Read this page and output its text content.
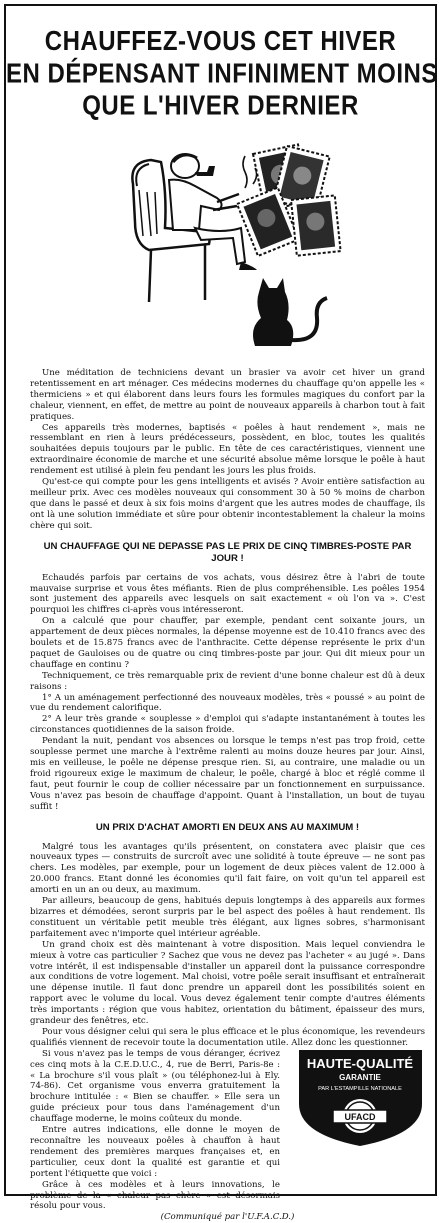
CHAUFFEZ-VOUS CET HIVER
EN DÉPENSANT INFINIMENT MOINS
QUE L'HIVER DERNIER

Une méditation de techniciens devant un brasier va avoir cet hiver un grand retentissement en art ménager. Ces médecins modernes du chauffage qu'on appelle les « thermiciens » et qui élaborent dans leurs fours les formules magiques du confort par la chaleur, viennent, en effet, de mettre au point de nouveaux appareils à charbon tout à fait pratiques.

Ces appareils très modernes, baptisés « poêles à haut rendement », mais ne ressemblant en rien à leurs prédécesseurs, possèdent, en bloc, toutes les qualités souhaitées depuis toujours par le public. En tête de ces caractéristiques, viennent une extraordinaire économie de marche et une sécurité absolue même lorsque le poêle à haut rendement est utilisé à plein feu pendant les jours les plus froids.

Qu'est-ce qui compte pour les gens intelligents et avisés ? Avoir entière satisfaction au meilleur prix. Avec ces modèles nouveaux qui consomment 30 à 50 % moins de charbon que dans le passé et deux à six fois moins d'argent que les autres modes de chauffage, ils ont là une solution immédiate et sûre pour obtenir incontestablement la chaleur la moins chère qui soit.

UN CHAUFFAGE QUI NE DEPASSE PAS LE PRIX DE CINQ TIMBRES-POSTE PAR JOUR !

Echaudés parfois par certains de vos achats, vous désirez être à l'abri de toute mauvaise surprise et vous êtes méfiants. Rien de plus compréhensible. Les poêles 1954 sont justement des appareils avec lesquels on sait exactement « où l'on va ». C'est pourquoi les chiffres ci-après vous intéresseront.

On a calculé que pour chauffer, par exemple, pendant cent soixante jours, un appartement de deux pièces normales, la dépense moyenne est de 10.410 francs avec des boulets et de 15.875 francs avec de l'anthracite. Cette dépense représente le prix d'un paquet de Gauloises ou de quatre ou cinq timbres-poste par jour. Qui dit mieux pour un chauffage en continu ?

Techniquement, ce très remarquable prix de revient d'une bonne chaleur est dû à deux raisons :

1° A un aménagement perfectionné des nouveaux modèles, très « poussé » au point de vue du rendement calorifique.

2° A leur très grande « souplesse » d'emploi qui s'adapte instantanément à toutes les circonstances quotidiennes de la saison froide.

Pendant la nuit, pendant vos absences ou lorsque le temps n'est pas trop froid, cette souplesse permet une marche à l'extrême ralenti au moins douze heures par jour. Ainsi, mis en veilleuse, le poêle ne dépense presque rien. Si, au contraire, une maladie ou un froid rigoureux exige le maximum de chaleur, le poêle, chargé à bloc et réglé comme il faut, peut fournir le coup de collier nécessaire par un fonctionnement en surpuissance. Vous n'avez pas besoin de chauffage d'appoint. Quant à l'installation, un bout de tuyau suffit !

UN PRIX D'ACHAT AMORTI EN DEUX ANS AU MAXIMUM !

Malgré tous les avantages qu'ils présentent, on constatera avec plaisir que ces nouveaux types — construits de surcroît avec une solidité à toute épreuve — ne sont pas chers. Les modèles, par exemple, pour un logement de deux pièces valent de 12.000 à 20.000 francs. Etant donné les économies qu'il fait faire, on voit qu'un tel appareil est amorti en un an ou deux, au maximum.

Par ailleurs, beaucoup de gens, habitués depuis longtemps à des appareils aux formes bizarres et démodées, seront surpris par le bel aspect des poêles à haut rendement. Ils constituent un véritable petit meuble très élégant, aux lignes sobres, s'harmonisant parfaitement avec n'importe quel intérieur agréable.

Un grand choix est dès maintenant à votre disposition. Mais lequel conviendra le mieux à votre cas particulier ? Sachez que vous ne devez pas l'acheter « au jugé ». Dans votre intérêt, il est indispensable d'installer un appareil dont la puissance correspondre aux conditions de votre logement. Mal choisi, votre poêle serait insuffisant et entraînerait une dépense inutile. Il faut donc prendre un appareil dont les possibilités soient en rapport avec le volume du local. Vous devez également tenir compte d'autres éléments très importants : région que vous habitez, orientation du bâtiment, épaisseur des murs, grandeur des fenêtres, etc.

Pour vous désigner celui qui sera le plus efficace et le plus économique, les revendeurs qualifiés viennent de recevoir toute la documentation utile. Allez donc les questionner.

Si vous n'avez pas le temps de vous déranger, écrivez ces cinq mots à la C.E.D.U.C., 4, rue de Berri, Paris-8e : « La brochure s'il vous plaît » (ou téléphonez-lui à Ely. 74-86). Cet organisme vous enverra gratuitement la brochure intitulée : « Bien se chauffer. » Elle sera un guide précieux pour tous dans l'aménagement d'un chauffage moderne, le moins coûteux du monde.

Entre autres indications, elle donne le moyen de reconnaître les nouveaux poêles à chauffon à haut rendement des premières marques françaises et, en particulier, ceux dont la qualité est garantie et qui portent l'étiquette que voici :

Grâce à ces modèles et à leurs innovations, le problème de la « chaleur pas chère » est désormais résolu pour vous.

(Communiqué par l'U.F.A.C.D.)

HAUTE-QUALITÉ
GARANTIE
PAR L'ESTAMPILLE NATIONALE
UFACD
